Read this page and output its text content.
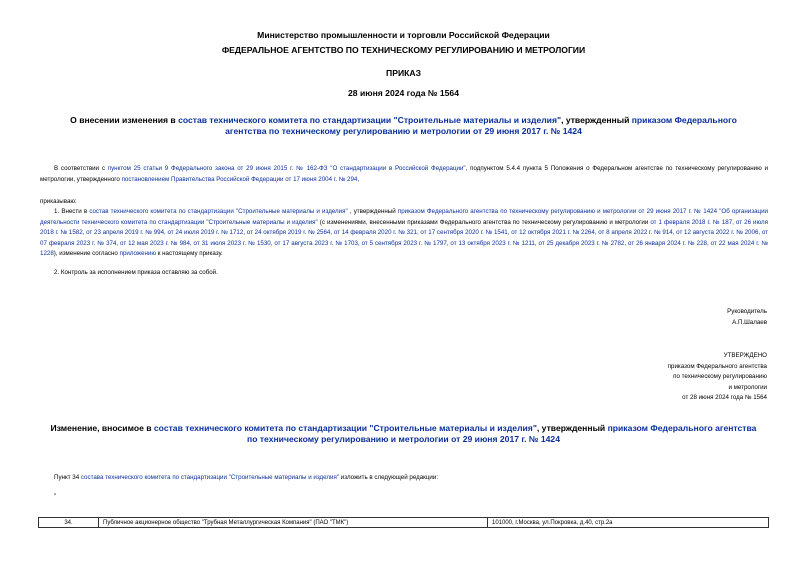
Министерство промышленности и торговли Российской Федерации
ФЕДЕРАЛЬНОЕ АГЕНТСТВО ПО ТЕХНИЧЕСКОМУ РЕГУЛИРОВАНИЮ И МЕТРОЛОГИИ
ПРИКАЗ
28 июня 2024 года № 1564
О внесении изменения в состав технического комитета по стандартизации "Строительные материалы и изделия", утвержденный приказом Федерального
агентства по техническому регулированию и метрологии от 29 июня 2017 г. № 1424
В соответствии с пунктом 25 статьи 9 Федерального закона от 29 июня 2015 г. № 162-ФЗ "О стандартизации в Российской Федерации", подпунктом 5.4.4 пункта 5 Положения о Федеральном агентстве по техническому регулированию и метрологии, утвержденного постановлением Правительства Российской Федерации от 17 июня 2004 г. № 294,
приказываю:
1. Внести в состав технического комитета по стандартизации "Строительные материалы и изделия" , утвержденный приказом Федерального агентства по техническому регулированию и метрологии от 29 июня 2017 г. № 1424 "Об организации деятельности технического комитета по стандартизации "Строительные материалы и изделия" (с изменениями, внесенными приказами Федерального агентства по техническому регулированию и метрологии от 1 февраля 2018 г. № 187, от 26 июля 2018 г. № 1582, от 23 апреля 2019 г. № 994, от 24 июля 2019 г. № 1712, от 24 октября 2019 г. № 2564, от 14 февраля 2020 г. № 321, от 17 сентября 2020 г. № 1541, от 12 октября 2021 г. № 2264, от 8 апреля 2022 г. № 914, от 12 августа 2022 г. № 2006, от 07 февраля 2023 г. № 374, от 12 мая 2023 г. № 984, от 31 июля 2023 г. № 1530, от 17 августа 2023 г. № 1703, от 5 сентября 2023 г. № 1797, от 13 октября 2023 г. № 1211, от 25 декабря 2023 г. № 2782, от 26 января 2024 г. № 228, от 22 мая 2024 г. № 1228), изменение согласно приложению к настоящему приказу.
2. Контроль за исполнением приказа оставляю за собой.
Руководитель
А.П.Шалаев
УТВЕРЖДЕНО
приказом Федерального агентства
по техническому регулированию
и метрологии
от 28 июня 2024 года № 1564
Изменение, вносимое в состав технического комитета по стандартизации "Строительные материалы и изделия", утвержденный приказом Федерального агентства
по техническому регулированию и метрологии от 29 июня 2017 г. № 1424
Пункт 34 состава технического комитета по стандартизации "Строительные материалы и изделия" изложить в следующей редакции:
"
34.	Публичное акционерное общество "Трубная Металлургическая Компания" (ПАО "ТМК")	101000, г.Москва, ул.Покровка, д.40, стр.2а
